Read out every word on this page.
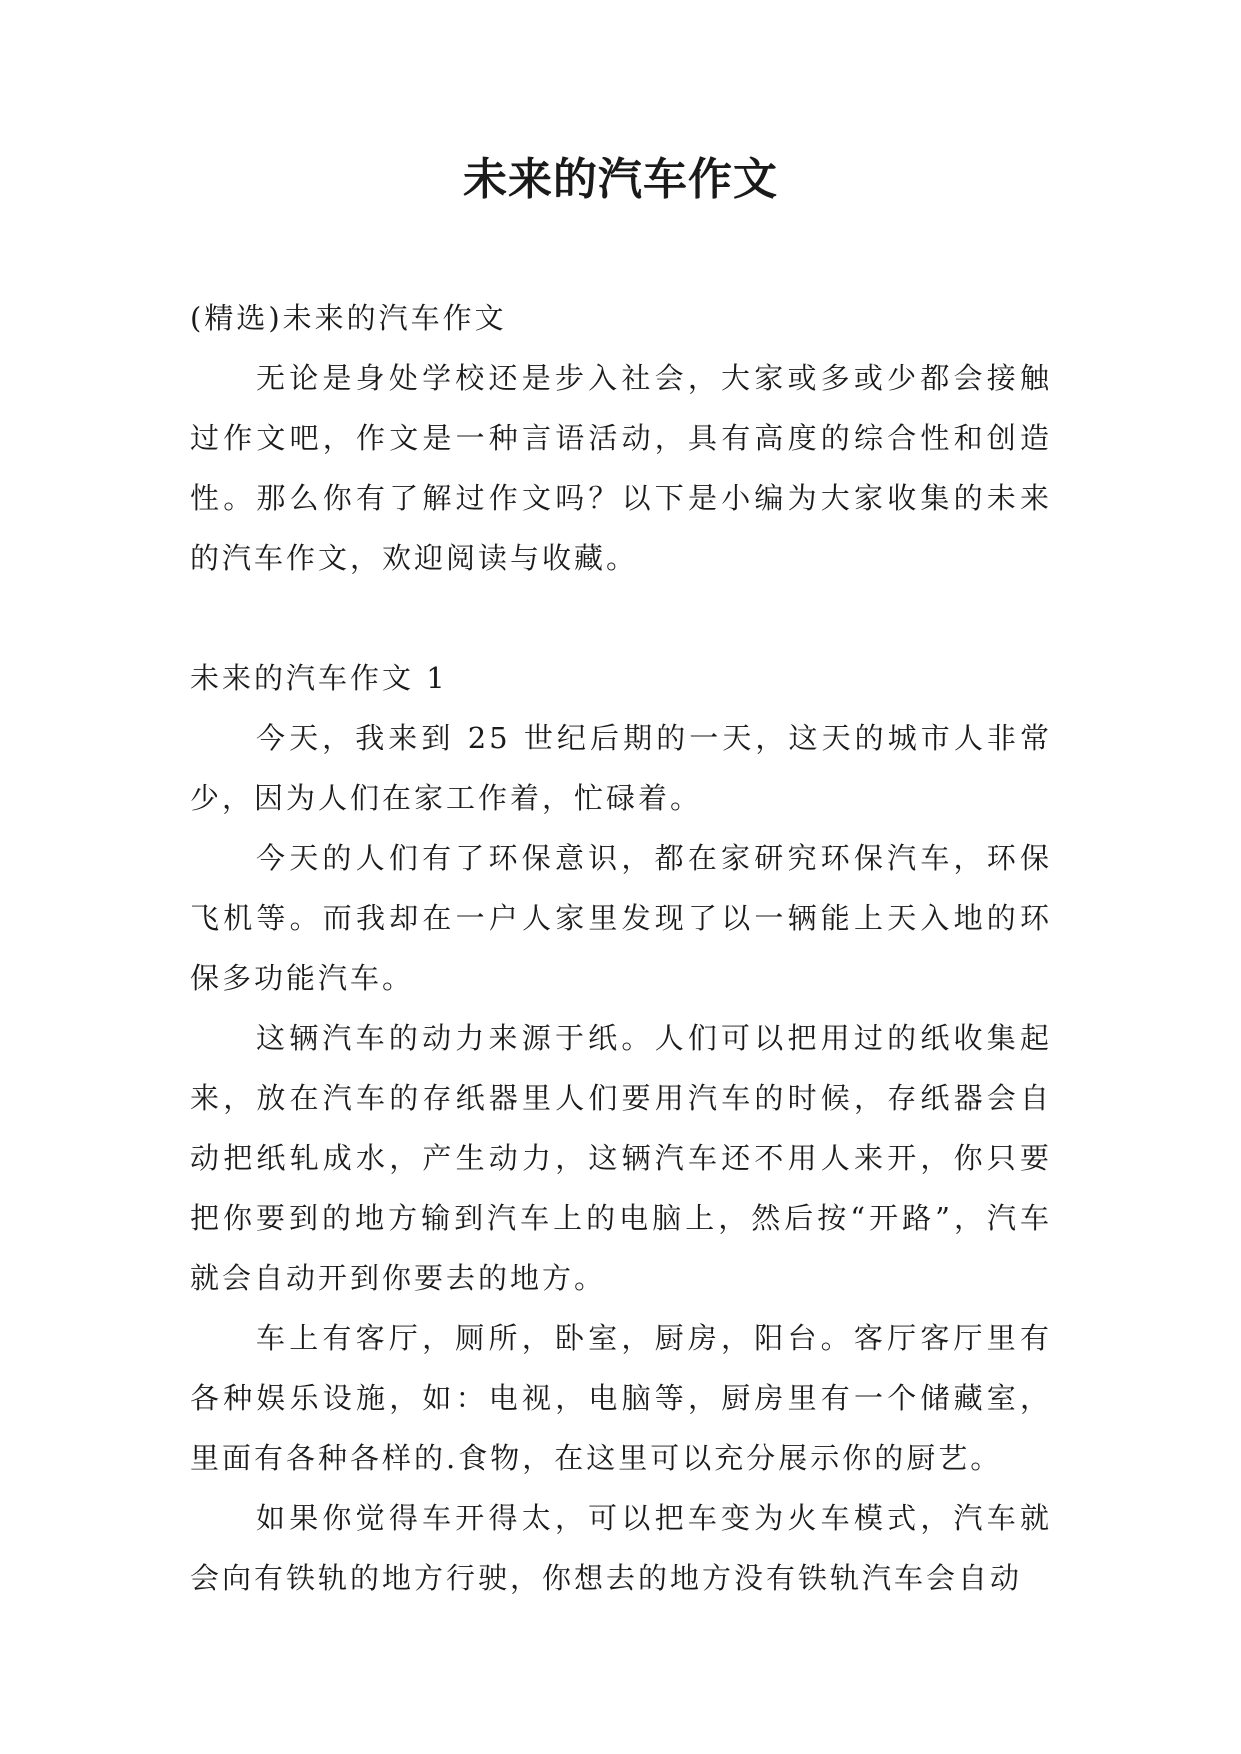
未来的汽车作文

(精选)未来的汽车作文

无论是身处学校还是步入社会，大家或多或少都会接触过作文吧，作文是一种言语活动，具有高度的综合性和创造性。那么你有了解过作文吗？以下是小编为大家收集的未来的汽车作文，欢迎阅读与收藏。

未来的汽车作文 1

今天，我来到 25 世纪后期的一天，这天的城市人非常少，因为人们在家工作着，忙碌着。

今天的人们有了环保意识，都在家研究环保汽车，环保飞机等。而我却在一户人家里发现了以一辆能上天入地的环保多功能汽车。

这辆汽车的动力来源于纸。人们可以把用过的纸收集起来，放在汽车的存纸器里人们要用汽车的时候，存纸器会自动把纸轧成水，产生动力，这辆汽车还不用人来开，你只要把你要到的地方输到汽车上的电脑上，然后按“开路”，汽车就会自动开到你要去的地方。

车上有客厅，厕所，卧室，厨房，阳台。客厅客厅里有各种娱乐设施，如：电视，电脑等，厨房里有一个储藏室，里面有各种各样的.食物，在这里可以充分展示你的厨艺。

如果你觉得车开得太，可以把车变为火车模式，汽车就会向有铁轨的地方行驶，你想去的地方没有铁轨汽车会自动
